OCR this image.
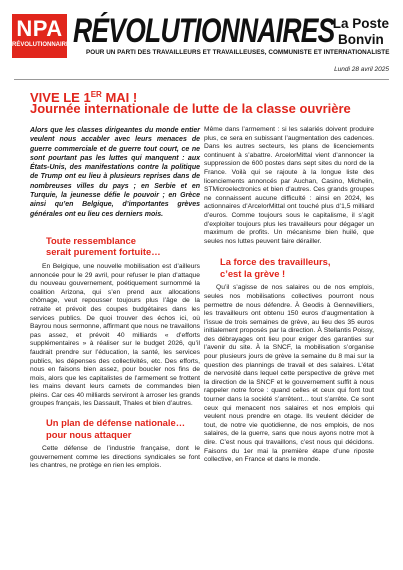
NPA
RÉVOLUTIONNAIRES
RÉVOLUTIONNAIRES
POUR UN PARTI DES TRAVAILLEURS ET TRAVAILLEUSES, COMMUNISTE ET INTERNATIONALISTE
La Poste
Bonvin
Lundi 28 avril 2025
VIVE LE 1ER MAI !
Journée internationale de lutte de la classe ouvrière

Alors que les classes dirigeantes du monde entier veulent nous accabler avec leurs menaces de guerre commerciale et de guerre tout court, ce ne sont pourtant pas les luttes qui manquent : aux États-Unis, des manifestations contre la politique de Trump ont eu lieu à plusieurs reprises dans de nombreuses villes du pays ; en Serbie et en Turquie, la jeunesse défie le pouvoir ; en Grèce ainsi qu’en Belgique, d’importantes grèves générales ont eu lieu ces derniers mois.

Toute ressemblance
serait purement fortuite…

En Belgique, une nouvelle mobilisation est d’ailleurs annoncée pour le 29 avril, pour refuser le plan d’attaque du nouveau gouvernement, poétiquement surnommé la coalition Arizona, qui s’en prend aux allocations chômage, veut repousser toujours plus l’âge de la retraite et prévoit des coupes budgétaires dans les services publics. De quoi trouver des échos ici, où Bayrou nous sermonne, affirmant que nous ne travaillons pas assez, et prévoit 40 milliards « d’efforts supplémentaires » à réaliser sur le budget 2026, qu’il faudrait prendre sur l’éducation, la santé, les services publics, les dépenses des collectivités, etc. Des efforts, nous en faisons bien assez, pour boucler nos fins de mois, alors que les capitalistes de l’armement se frottent les mains devant leurs carnets de commandes bien pleins. Car ces 40 milliards serviront à arroser les grands groupes français, les Dassault, Thales et bien d’autres.

Un plan de défense nationale…
pour nous attaquer

Cette défense de l’industrie française, dont le gouvernement comme les directions syndicales se font les chantres, ne protège en rien les emplois.

Même dans l’armement : si les salariés doivent produire plus, ce sera en subissant l’augmentation des cadences. Dans les autres secteurs, les plans de licenciements continuent à s’abattre. ArcelorMittal vient d’annoncer la suppression de 600 postes dans sept sites du nord de la France. Voilà qui se rajoute à la longue liste des licenciements annoncés par Auchan, Casino, Michelin, STMicroelectronics et bien d’autres. Ces grands groupes ne connaissent aucune difficulté : ainsi en 2024, les actionnaires d’ArcelorMittal ont touché plus d’1,5 milliard d’euros. Comme toujours sous le capitalisme, il s’agit d’exploiter toujours plus les travailleurs pour dégager un maximum de profits. Un mécanisme bien huilé, que seules nos luttes peuvent faire dérailler.

La force des travailleurs,
c’est la grève !

Qu’il s’agisse de nos salaires ou de nos emplois, seules nos mobilisations collectives pourront nous permettre de nous défendre. À Geodis à Gennevilliers, les travailleurs ont obtenu 150 euros d’augmentation à l’issue de trois semaines de grève, au lieu des 35 euros initialement proposés par la direction. À Stellantis Poissy, des débrayages ont lieu pour exiger des garanties sur l’avenir du site. À la SNCF, la mobilisation s’organise pour plusieurs jours de grève la semaine du 8 mai sur la question des plannings de travail et des salaires. L’état de nervosité dans lequel cette perspective de grève met la direction de la SNCF et le gouvernement suffit à nous rappeler notre force : quand celles et ceux qui font tout tourner dans la société s’arrêtent… tout s’arrête. Ce sont ceux qui menacent nos salaires et nos emplois qui veulent nous prendre en otage. Ils veulent décider de tout, de notre vie quotidienne, de nos emplois, de nos salaires, de la guerre, sans que nous ayons notre mot à dire. C’est nous qui travaillons, c’est nous qui décidons. Faisons du 1er mai la première étape d’une riposte collective, en France et dans le monde.
